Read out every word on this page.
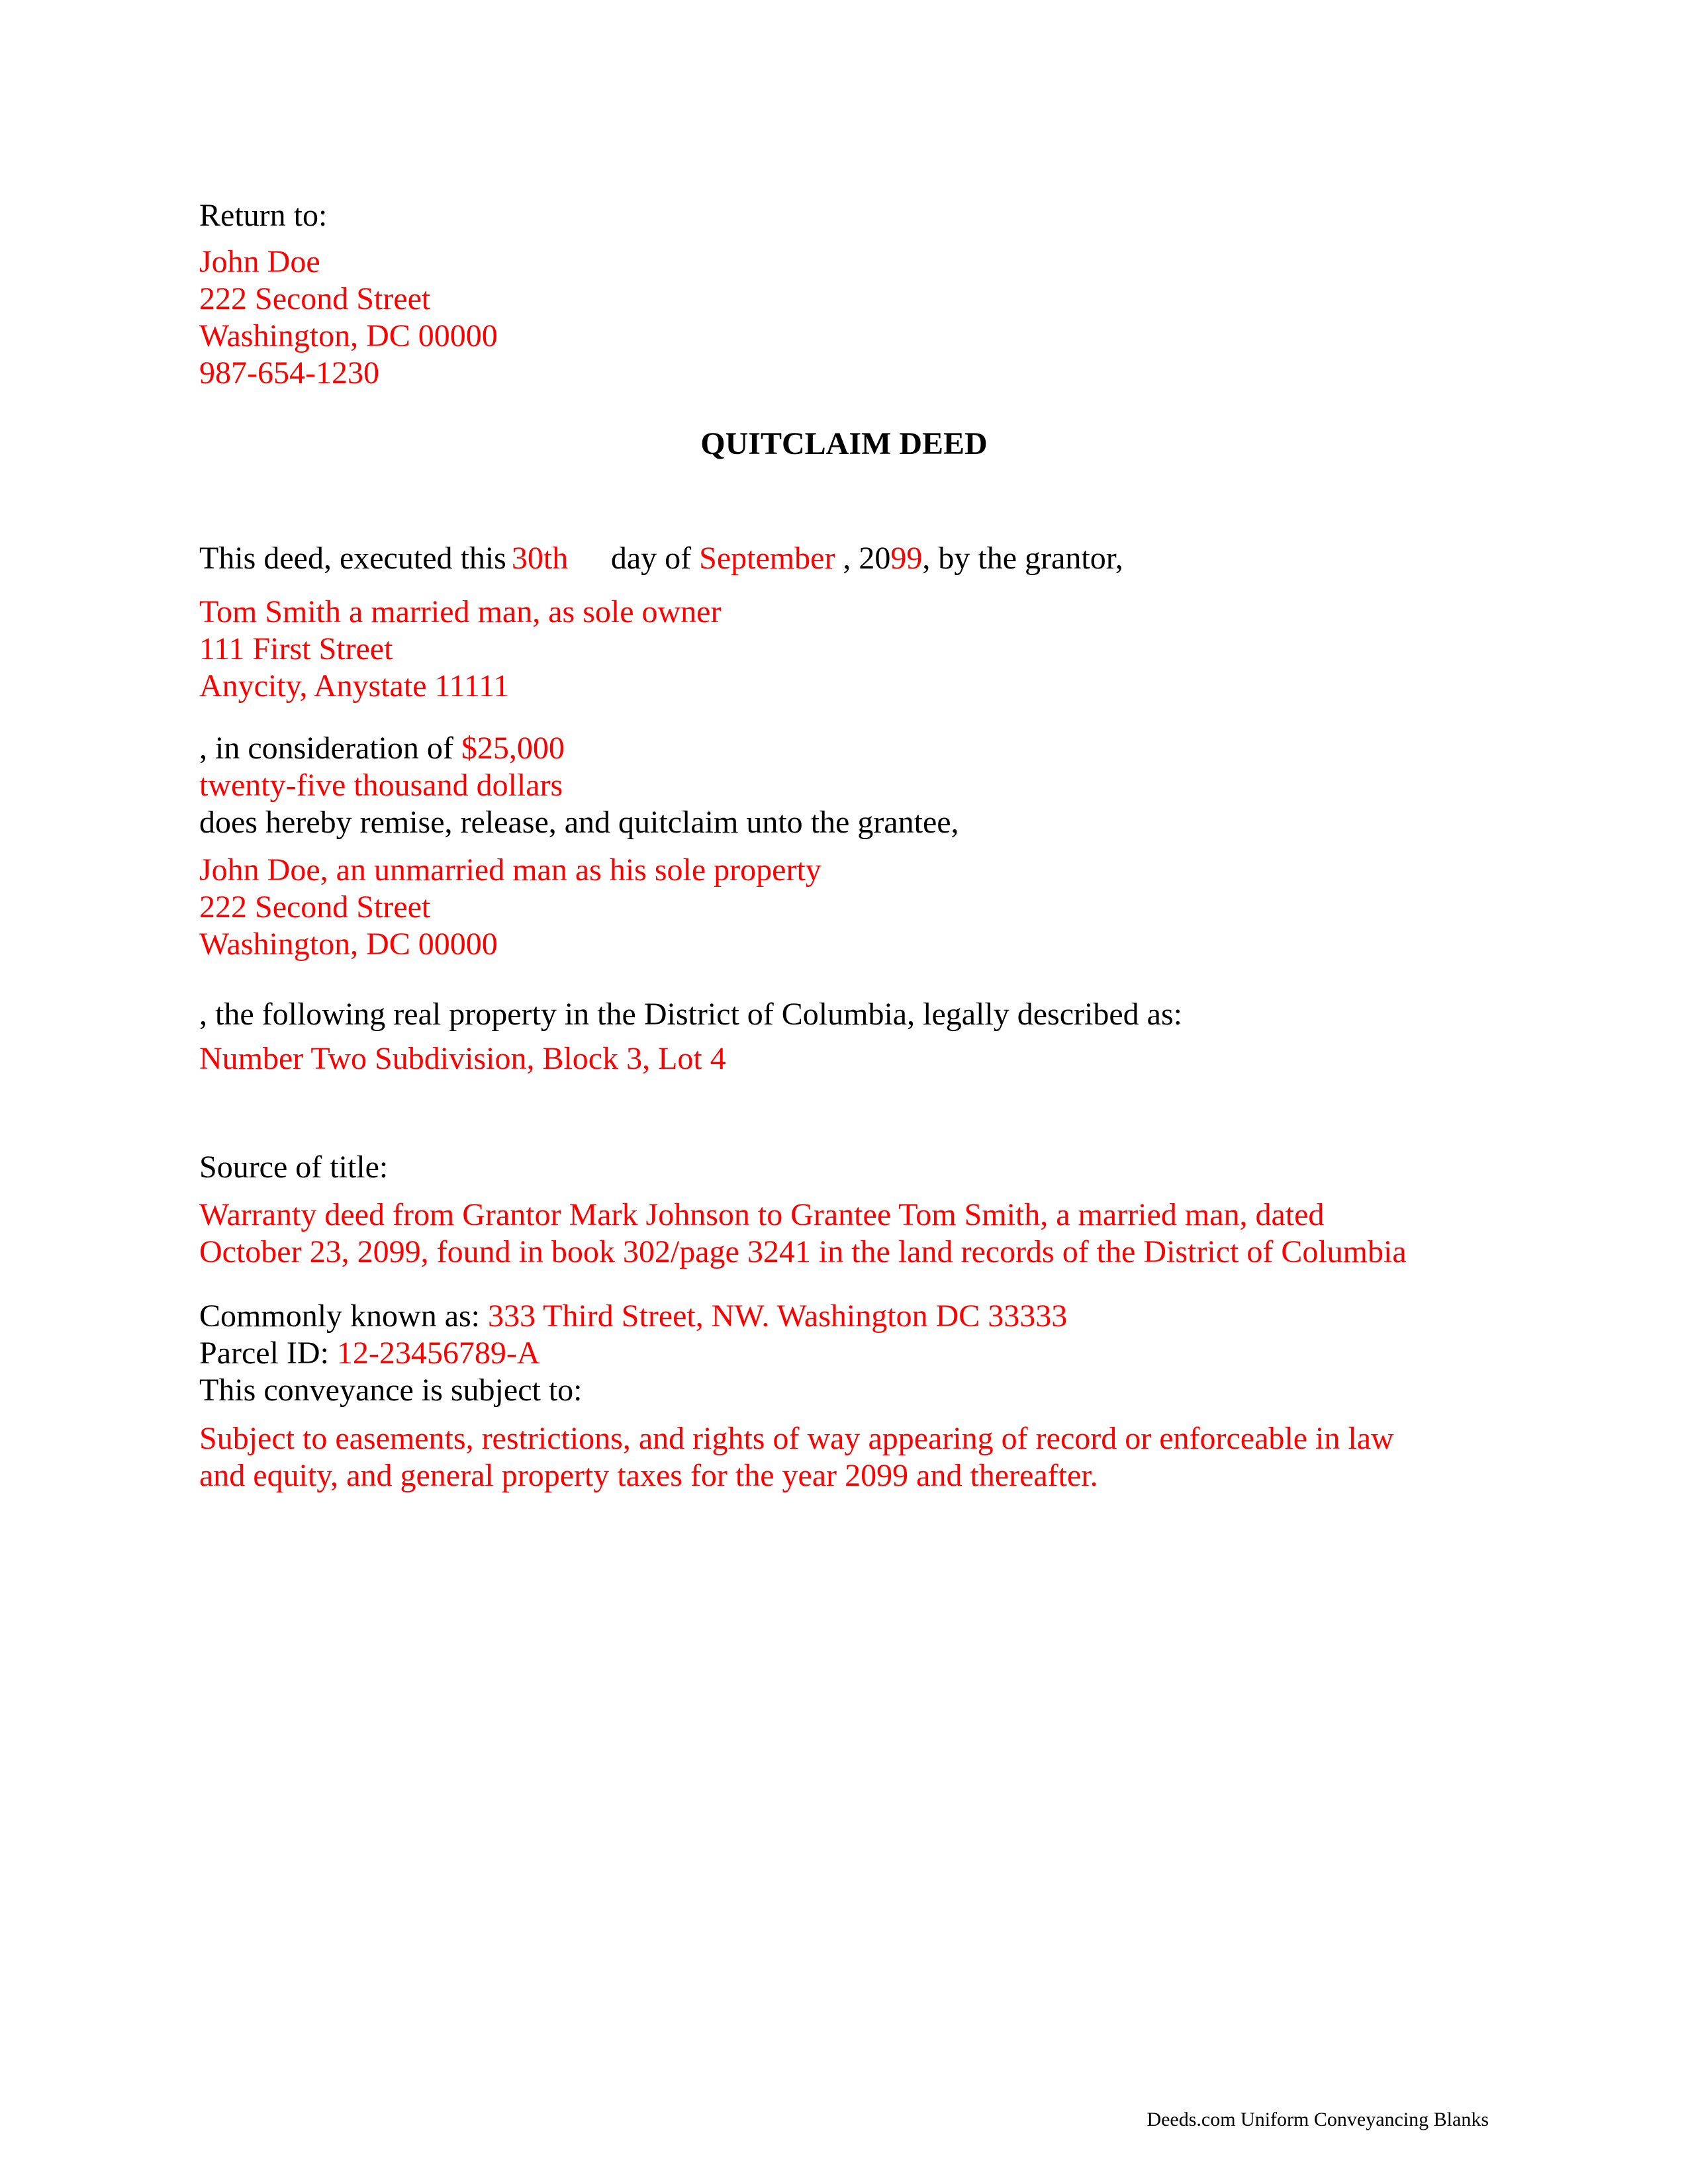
Return to:
John Doe
222 Second Street
Washington, DC 00000
987-654-1230
QUITCLAIM DEED
This deed, executed this 30th day of September , 2099, by the grantor,
Tom Smith a married man, as sole owner
111 First Street
Anycity, Anystate 11111
, in consideration of $25,000
twenty-five thousand dollars
does hereby remise, release, and quitclaim unto the grantee,
John Doe, an unmarried man as his sole property
222 Second Street
Washington, DC 00000
, the following real property in the District of Columbia, legally described as:
Number Two Subdivision, Block 3, Lot 4
Source of title:
Warranty deed from Grantor Mark Johnson to Grantee Tom Smith, a married man, dated
October 23, 2099, found in book 302/page 3241 in the land records of the District of Columbia
Commonly known as: 333 Third Street, NW. Washington DC 33333
Parcel ID: 12-23456789-A
This conveyance is subject to:
Subject to easements, restrictions, and rights of way appearing of record or enforceable in law
and equity, and general property taxes for the year 2099 and thereafter.
Deeds.com Uniform Conveyancing Blanks
